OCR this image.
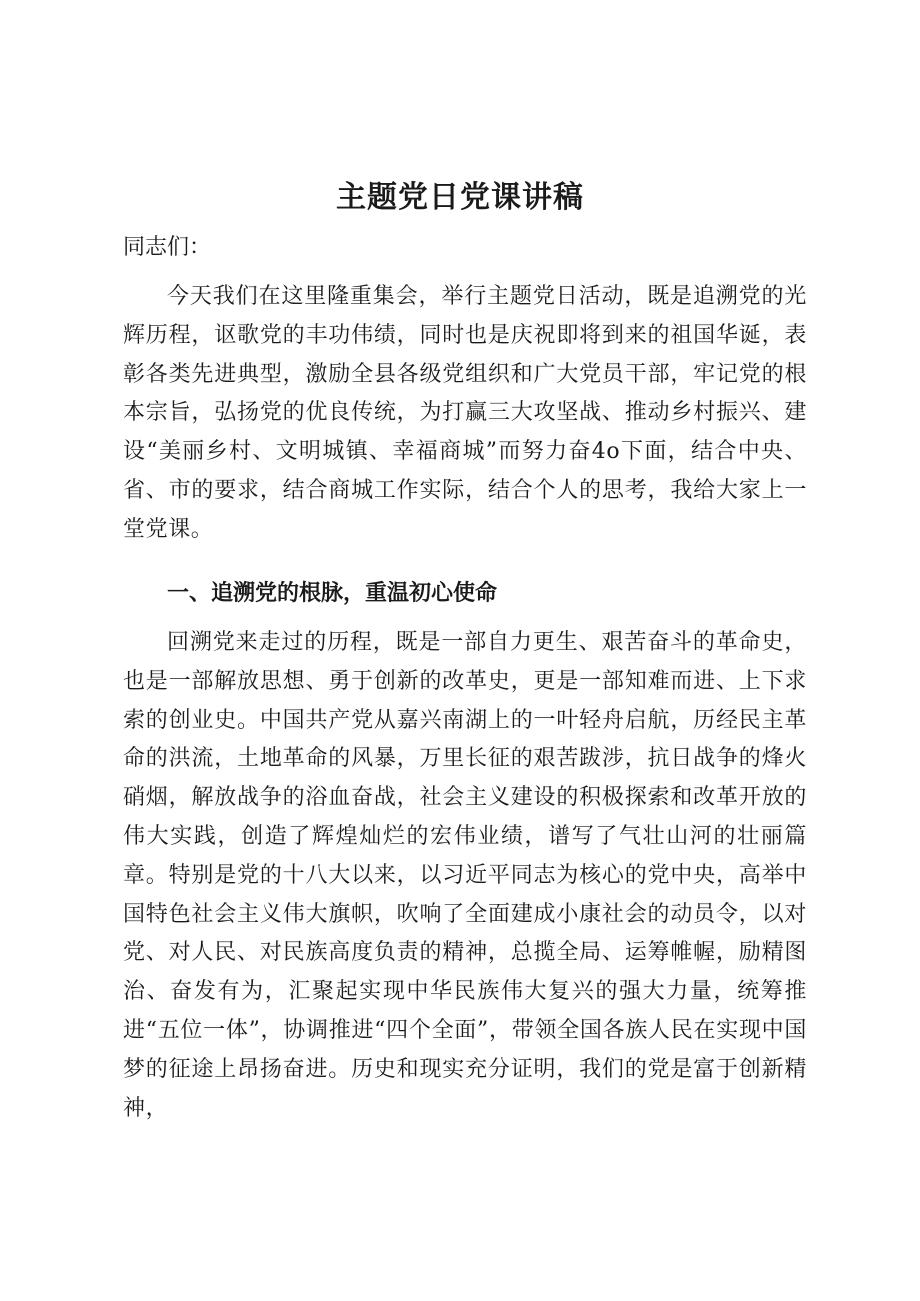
主题党日党课讲稿

同志们：

今天我们在这里隆重集会，举行主题党日活动，既是追溯党的光辉历程，讴歌党的丰功伟绩，同时也是庆祝即将到来的祖国华诞，表彰各类先进典型，激励全县各级党组织和广大党员干部，牢记党的根本宗旨，弘扬党的优良传统，为打赢三大攻坚战、推动乡村振兴、建设“美丽乡村、文明城镇、幸福商城”而努力奋4o下面，结合中央、省、市的要求，结合商城工作实际，结合个人的思考，我给大家上一堂党课。

一、追溯党的根脉，重温初心使命

回溯党来走过的历程，既是一部自力更生、艰苦奋斗的革命史，也是一部解放思想、勇于创新的改革史，更是一部知难而进、上下求索的创业史。中国共产党从嘉兴南湖上的一叶轻舟启航，历经民主革命的洪流，土地革命的风暴，万里长征的艰苦跋涉，抗日战争的烽火硝烟，解放战争的浴血奋战，社会主义建设的积极探索和改革开放的伟大实践，创造了辉煌灿烂的宏伟业绩，谱写了气壮山河的壮丽篇章。特别是党的十八大以来，以习近平同志为核心的党中央，高举中国特色社会主义伟大旗帜，吹响了全面建成小康社会的动员令，以对党、对人民、对民族高度负责的精神，总揽全局、运筹帷幄，励精图治、奋发有为，汇聚起实现中华民族伟大复兴的强大力量，统筹推进“五位一体”，协调推进“四个全面”，带领全国各族人民在实现中国梦的征途上昂扬奋进。历史和现实充分证明，我们的党是富于创新精神，
